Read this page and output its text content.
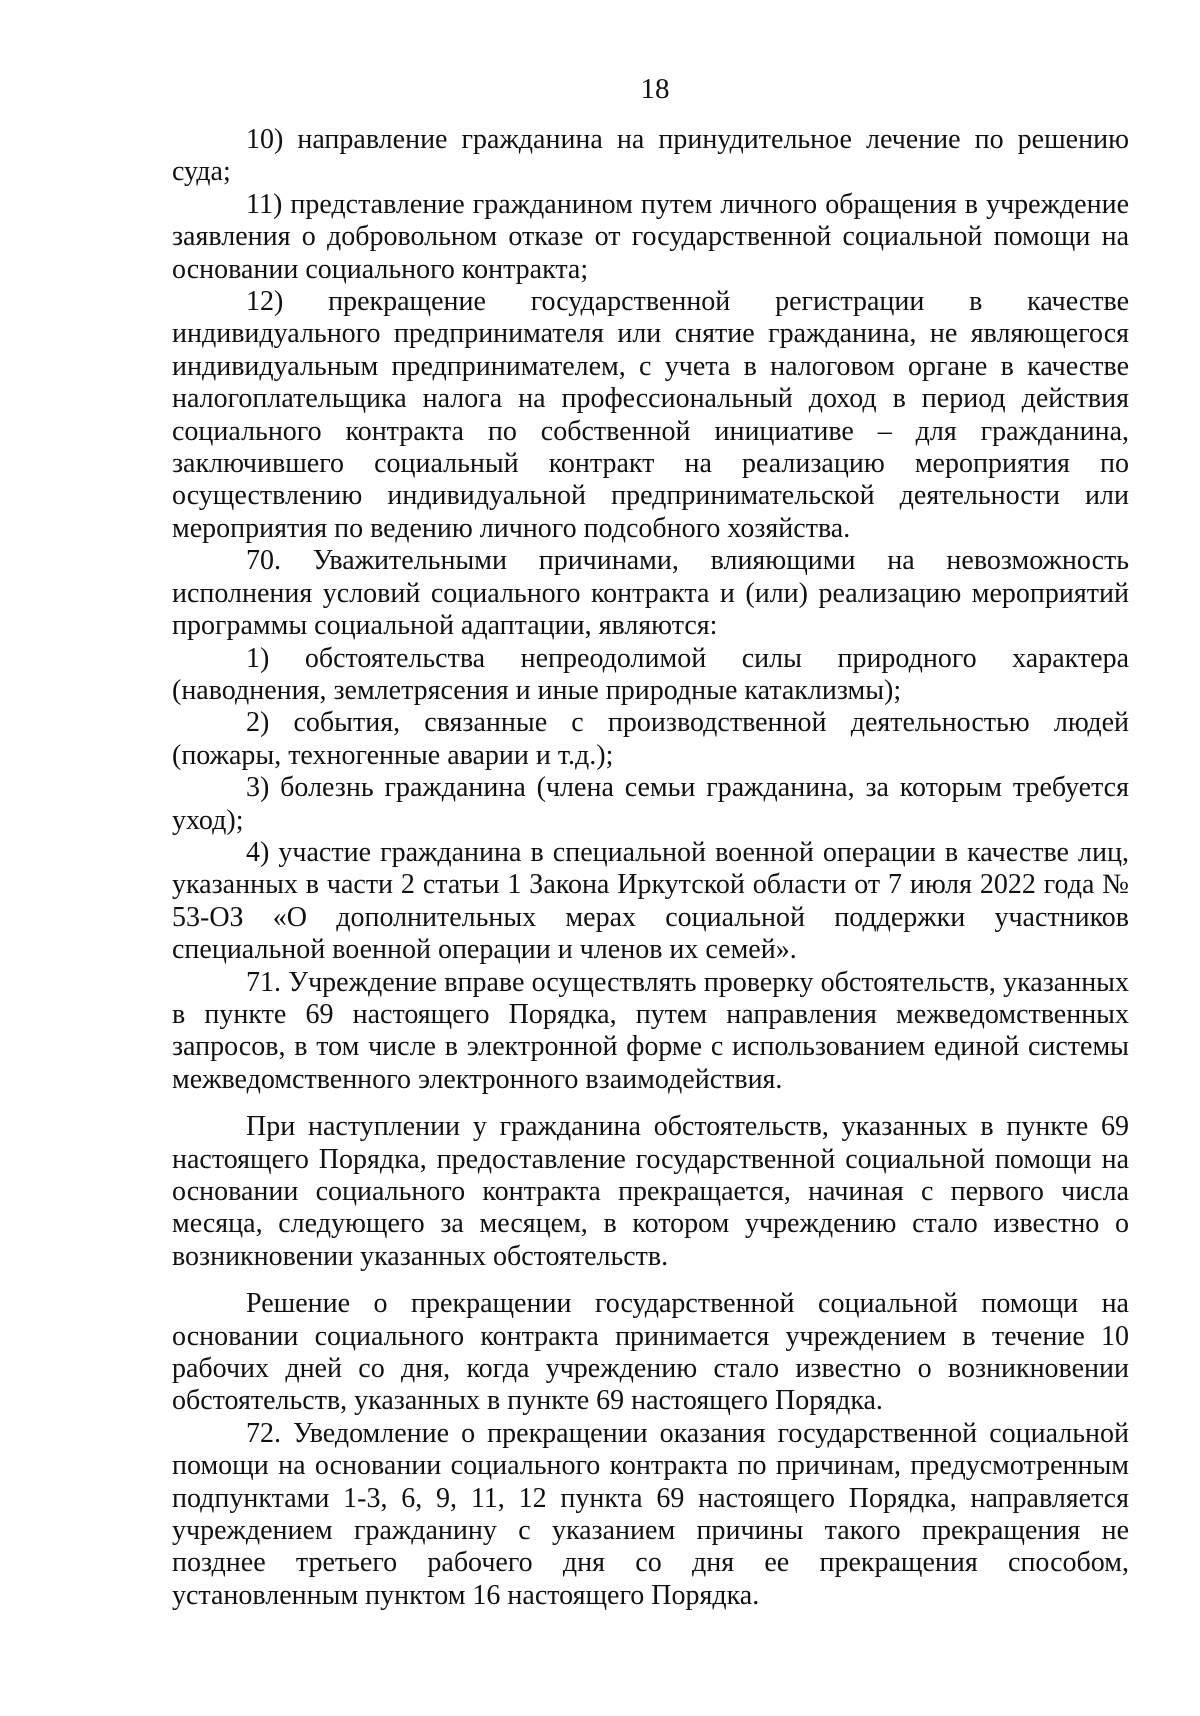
18

10) направление гражданина на принудительное лечение по решению суда;

11) представление гражданином путем личного обращения в учреждение заявления о добровольном отказе от государственной социальной помощи на основании социального контракта;

12) прекращение государственной регистрации в качестве индивидуального предпринимателя или снятие гражданина, не являющегося индивидуальным предпринимателем, с учета в налоговом органе в качестве налогоплательщика налога на профессиональный доход в период действия социального контракта по собственной инициативе – для гражданина, заключившего социальный контракт на реализацию мероприятия по осуществлению индивидуальной предпринимательской деятельности или мероприятия по ведению личного подсобного хозяйства.

70. Уважительными причинами, влияющими на невозможность исполнения условий социального контракта и (или) реализацию мероприятий программы социальной адаптации, являются:

1) обстоятельства непреодолимой силы природного характера (наводнения, землетрясения и иные природные катаклизмы);

2) события, связанные с производственной деятельностью людей (пожары, техногенные аварии и т.д.);

3) болезнь гражданина (члена семьи гражданина, за которым требуется уход);

4) участие гражданина в специальной военной операции в качестве лиц, указанных в части 2 статьи 1 Закона Иркутской области от 7 июля 2022 года № 53-ОЗ «О дополнительных мерах социальной поддержки участников специальной военной операции и членов их семей».

71. Учреждение вправе осуществлять проверку обстоятельств, указанных в пункте 69 настоящего Порядка, путем направления межведомственных запросов, в том числе в электронной форме с использованием единой системы межведомственного электронного взаимодействия.

При наступлении у гражданина обстоятельств, указанных в пункте 69 настоящего Порядка, предоставление государственной социальной помощи на основании социального контракта прекращается, начиная с первого числа месяца, следующего за месяцем, в котором учреждению стало известно о возникновении указанных обстоятельств.

Решение о прекращении государственной социальной помощи на основании социального контракта принимается учреждением в течение 10 рабочих дней со дня, когда учреждению стало известно о возникновении обстоятельств, указанных в пункте 69 настоящего Порядка.

72. Уведомление о прекращении оказания государственной социальной помощи на основании социального контракта по причинам, предусмотренным подпунктами 1-3, 6, 9, 11, 12 пункта 69 настоящего Порядка, направляется учреждением гражданину с указанием причины такого прекращения не позднее третьего рабочего дня со дня ее прекращения способом, установленным пунктом 16 настоящего Порядка.
